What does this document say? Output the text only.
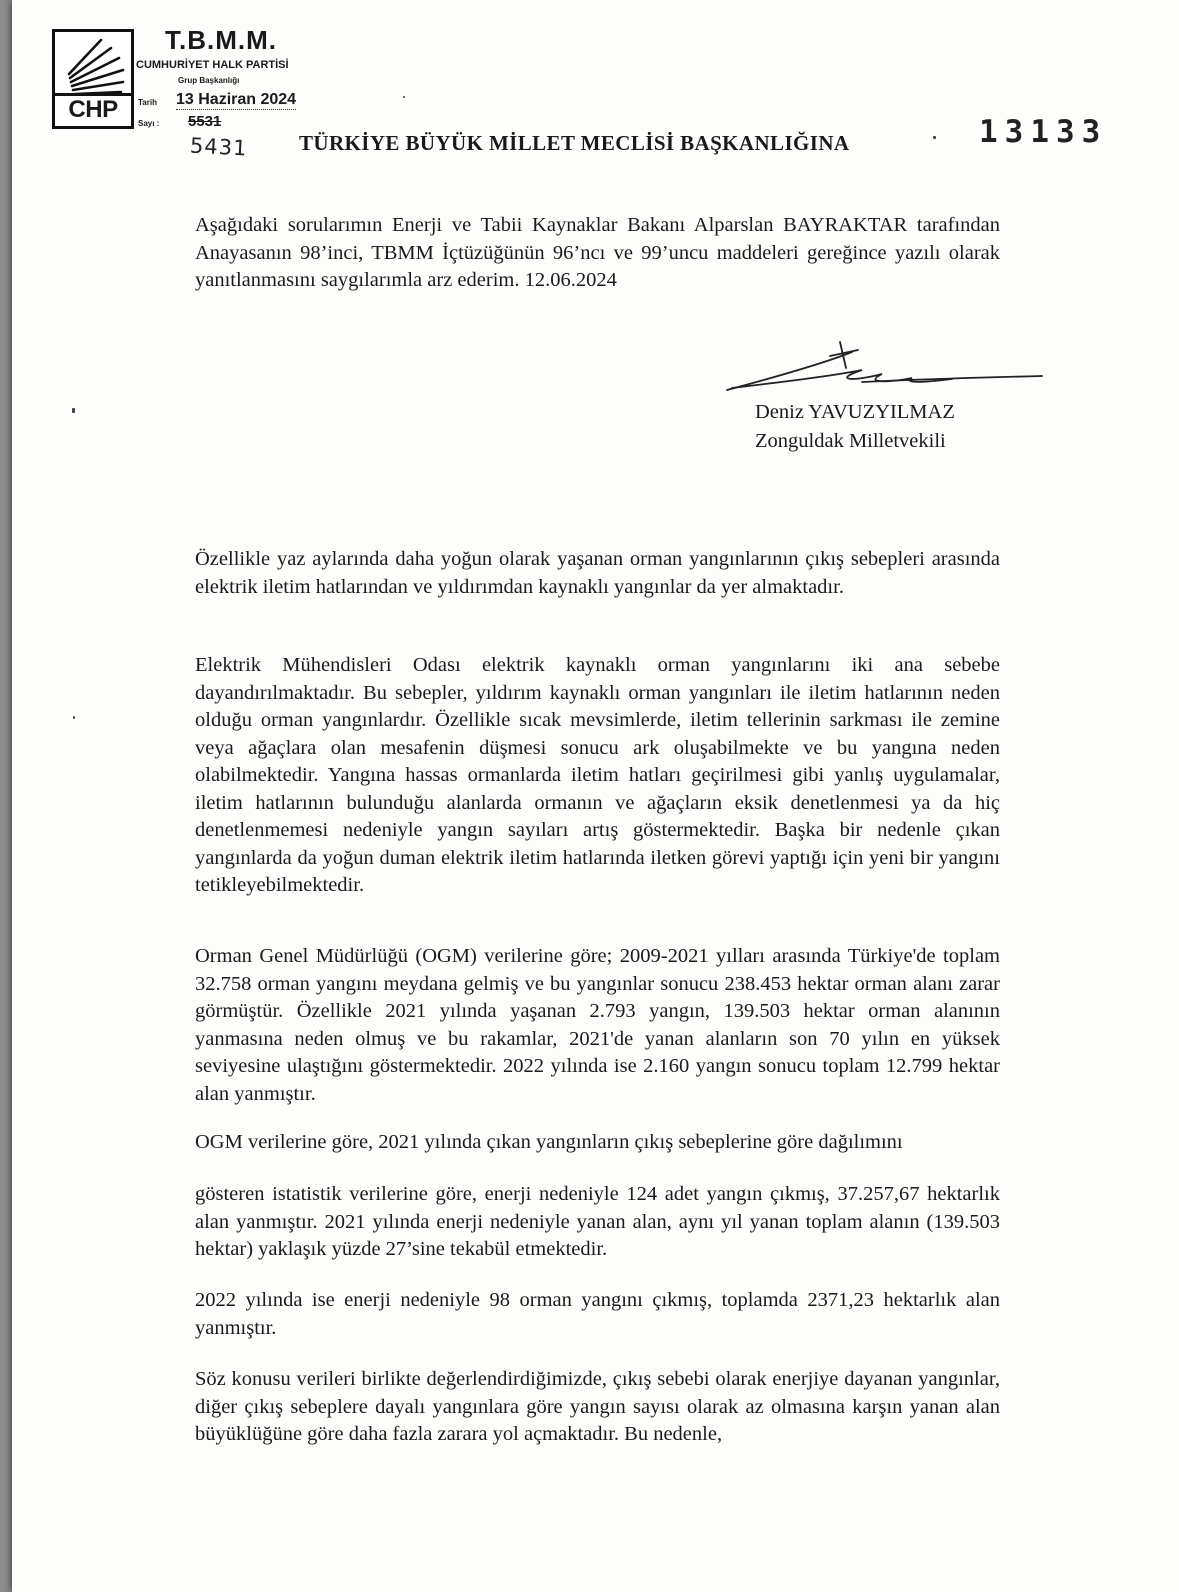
CHP
T.B.M.M.
CUMHURİYET HALK PARTİSİ
Grup Başkanlığı
Tarih 13 Haziran 2024
Sayı : 5531
5431	13133
TÜRKİYE BÜYÜK MİLLET MECLİSİ BAŞKANLIĞINA

Aşağıdaki sorularımın Enerji ve Tabii Kaynaklar Bakanı Alparslan BAYRAKTAR tarafından Anayasanın 98’inci, TBMM İçtüzüğünün 96’ncı ve 99’uncu maddeleri gereğince yazılı olarak yanıtlanmasını saygılarımla arz ederim. 12.06.2024

Deniz YAVUZYILMAZ
Zonguldak Milletvekili

Özellikle yaz aylarında daha yoğun olarak yaşanan orman yangınlarının çıkış sebepleri arasında elektrik iletim hatlarından ve yıldırımdan kaynaklı yangınlar da yer almaktadır.

Elektrik Mühendisleri Odası elektrik kaynaklı orman yangınlarını iki ana sebebe dayandırılmaktadır. Bu sebepler, yıldırım kaynaklı orman yangınları ile iletim hatlarının neden olduğu orman yangınlardır. Özellikle sıcak mevsimlerde, iletim tellerinin sarkması ile zemine veya ağaçlara olan mesafenin düşmesi sonucu ark oluşabilmekte ve bu yangına neden olabilmektedir. Yangına hassas ormanlarda iletim hatları geçirilmesi gibi yanlış uygulamalar, iletim hatlarının bulunduğu alanlarda ormanın ve ağaçların eksik denetlenmesi ya da hiç denetlenmemesi nedeniyle yangın sayıları artış göstermektedir. Başka bir nedenle çıkan yangınlarda da yoğun duman elektrik iletim hatlarında iletken görevi yaptığı için yeni bir yangını tetikleyebilmektedir.

Orman Genel Müdürlüğü (OGM) verilerine göre; 2009-2021 yılları arasında Türkiye'de toplam 32.758 orman yangını meydana gelmiş ve bu yangınlar sonucu 238.453 hektar orman alanı zarar görmüştür. Özellikle 2021 yılında yaşanan 2.793 yangın, 139.503 hektar orman alanının yanmasına neden olmuş ve bu rakamlar, 2021'de yanan alanların son 70 yılın en yüksek seviyesine ulaştığını göstermektedir. 2022 yılında ise 2.160 yangın sonucu toplam 12.799 hektar alan yanmıştır.

OGM verilerine göre, 2021 yılında çıkan yangınların çıkış sebeplerine göre dağılımını

gösteren istatistik verilerine göre, enerji nedeniyle 124 adet yangın çıkmış, 37.257,67 hektarlık alan yanmıştır. 2021 yılında enerji nedeniyle yanan alan, aynı yıl yanan toplam alanın (139.503 hektar) yaklaşık yüzde 27’sine tekabül etmektedir.

2022 yılında ise enerji nedeniyle 98 orman yangını çıkmış, toplamda 2371,23 hektarlık alan yanmıştır.

Söz konusu verileri birlikte değerlendirdiğimizde, çıkış sebebi olarak enerjiye dayanan yangınlar, diğer çıkış sebeplere dayalı yangınlara göre yangın sayısı olarak az olmasına karşın yanan alan büyüklüğüne göre daha fazla zarara yol açmaktadır. Bu nedenle,
